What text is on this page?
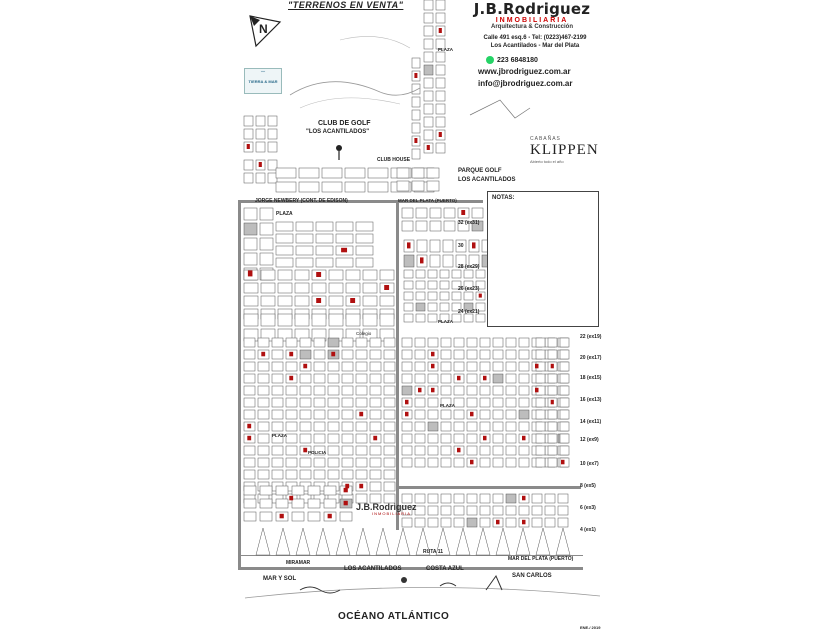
"TERRENOS EN VENTA"
N
J.B.Rodriguez
INMOBILIARIA
Arquitectura & Construcción
Calle 491 esq.6 - Tel: (0223)467-2199
Los Acantilados - Mar del Plata
223 6848180
www.jbrodriguez.com.ar
info@jbrodriguez.com.ar
CABAÑAS
KLIPPEN
Abierto todo el año
〰
TIERRA & MAR
NOTAS:
CLUB DE GOLF
"LOS ACANTILADOS"
CLUB HOUSE
PARQUE GOLF
LOS ACANTILADOS
JORGE NEWBERY (CONT. DE EDISON)	MAR DEL PLATA (PUERTO)
PLAZA
PLAZA
PLAZA
PLAZA
PLAZA
Colegio
POLICIA
RUTA 11
MIRAMAR
MAR DEL PLATA (PUERTO)
MAR Y SOL
LOS ACANTILADOS	COSTA AZUL
SAN CARLOS
OCÉANO ATLÁNTICO
ENE./ 2019
J.B.Rodriguez
INMOBILIARIA
32 (ex31)
30
28 (ex29)
26 (ex23)
24 (ex21)
22 (ex19)
20 (ex17)
18 (ex15)
16 (ex13)
14 (ex11)
12 (ex9)
10 (ex7)
8 (ex5)
6 (ex3)
4 (ex1)
